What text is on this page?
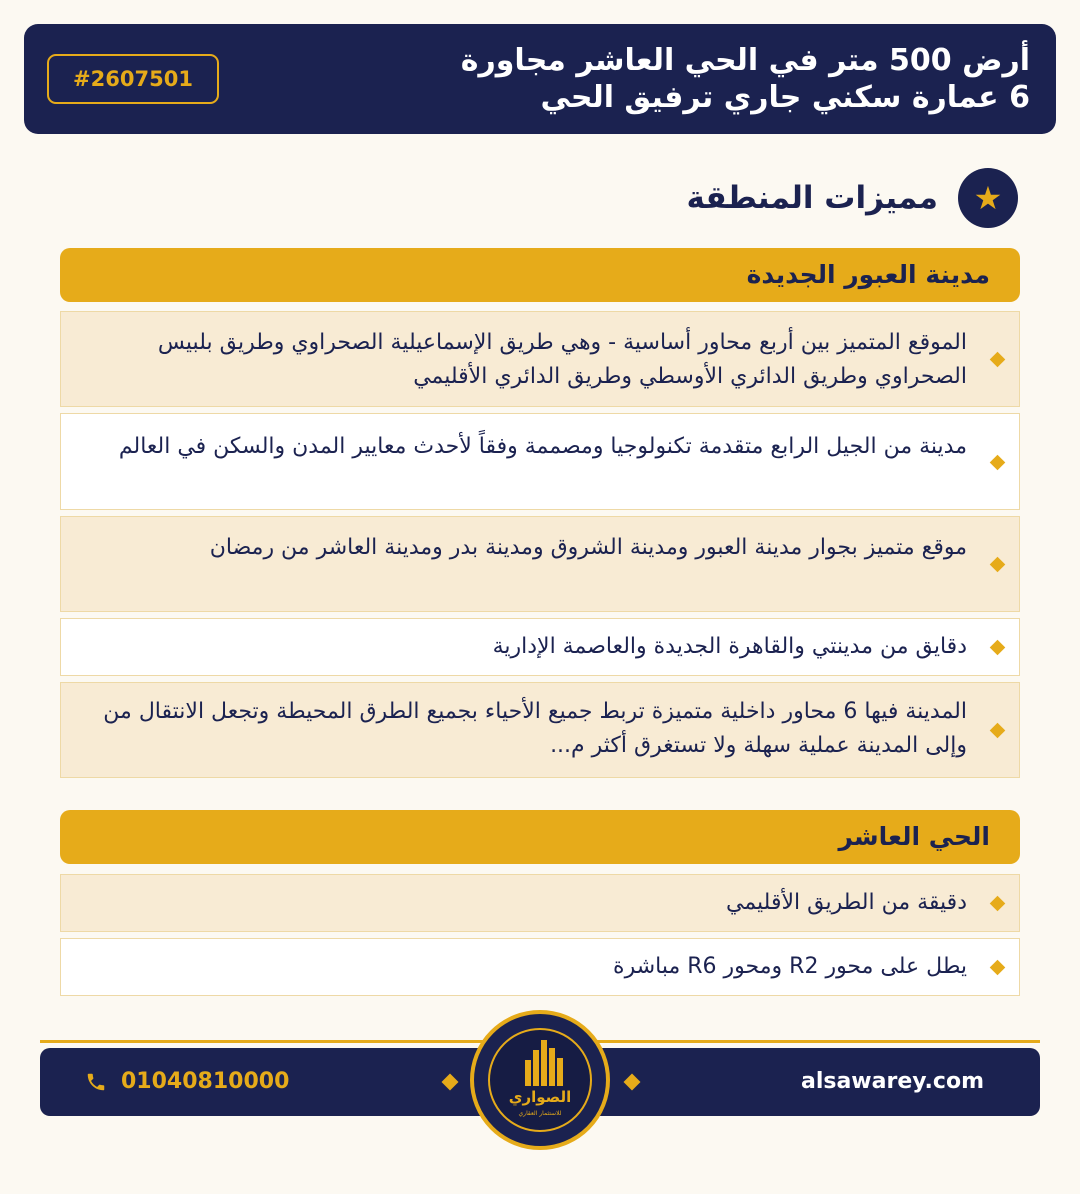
أرض 500 متر في الحي العاشر مجاورة
6 عمارة سكني جاري ترفيق الحي
#2607501
★
مميزات المنطقة
مدينة العبور الجديدة
الموقع المتميز بين أربع محاور أساسية - وهي طريق الإسماعيلية الصحراوي وطريق بلبيس الصحراوي وطريق الدائري الأوسطي وطريق الدائري الأقليمي
مدينة من الجيل الرابع متقدمة تكنولوجيا ومصممة وفقاً لأحدث معايير المدن والسكن في العالم
موقع متميز بجوار مدينة العبور ومدينة الشروق ومدينة بدر ومدينة العاشر من رمضان
دقايق من مدينتي والقاهرة الجديدة والعاصمة الإدارية
المدينة فيها 6 محاور داخلية متميزة تربط جميع الأحياء بجميع الطرق المحيطة وتجعل الانتقال من وإلى المدينة عملية سهلة ولا تستغرق أكثر م...
الحي العاشر
دقيقة من الطريق الأقليمي
يطل على محور R2 ومحور R6 مباشرة
01040810000	alsawarey.com
الصواري
للاستثمار العقاري
